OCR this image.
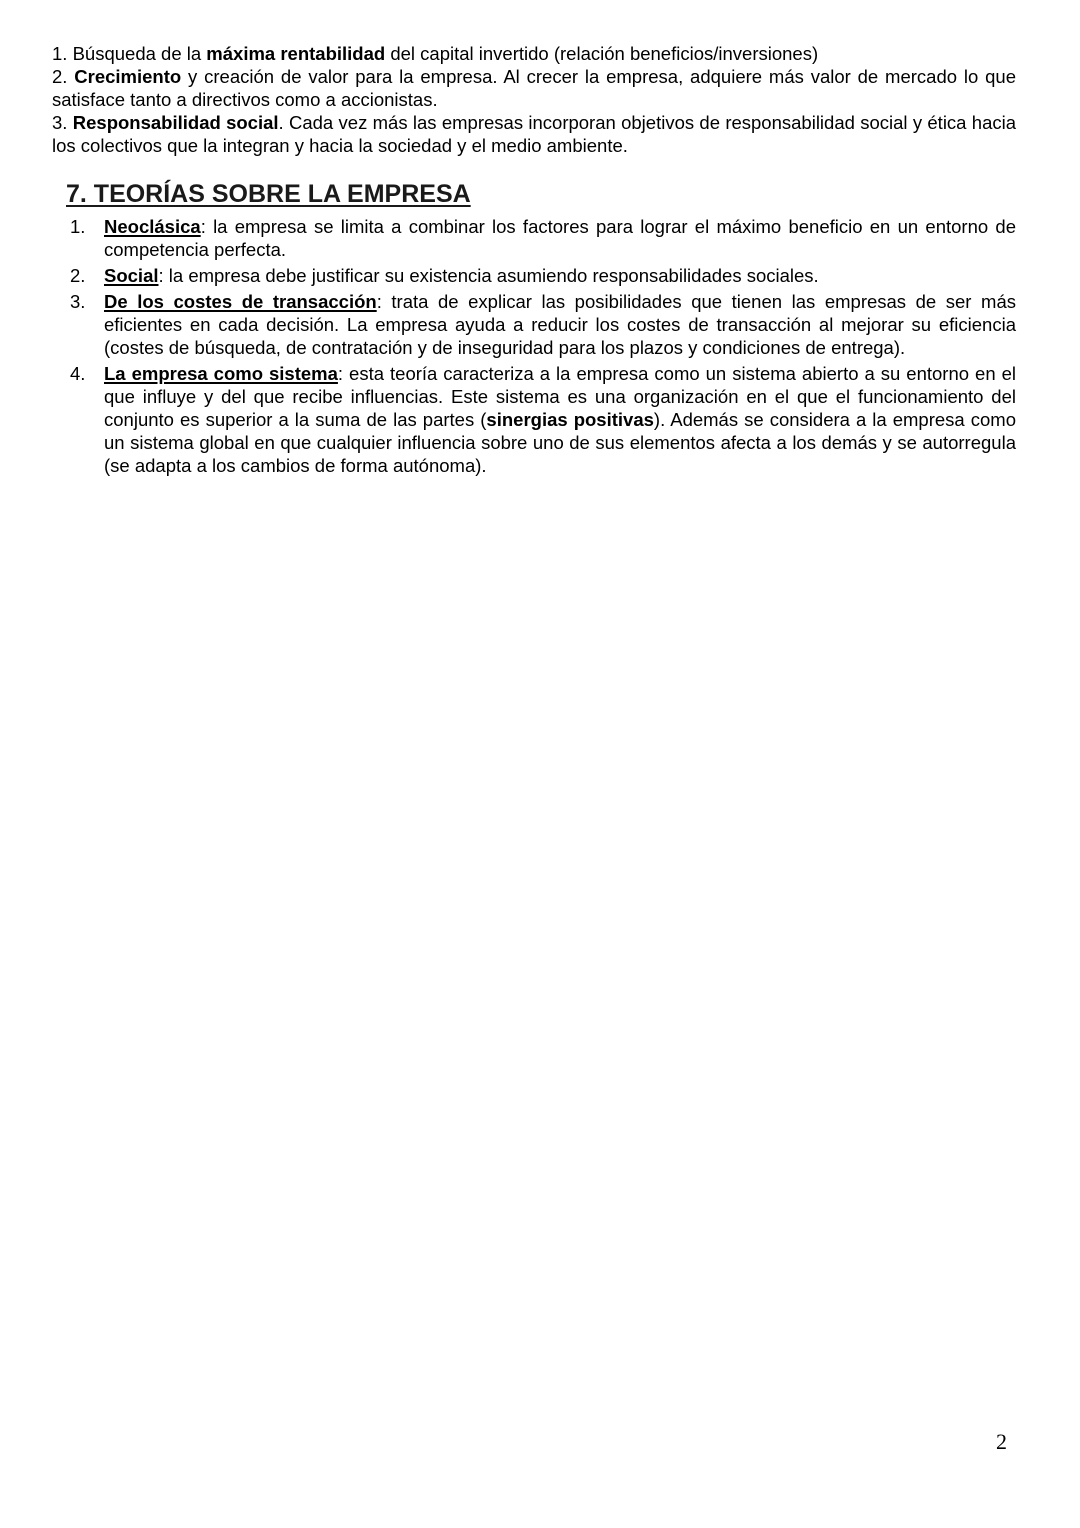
1. Búsqueda de la máxima rentabilidad del capital invertido (relación beneficios/inversiones)

2. Crecimiento y creación de valor para la empresa. Al crecer la empresa, adquiere más valor de mercado lo que satisface tanto a directivos como a accionistas.

3. Responsabilidad social. Cada vez más las empresas incorporan objetivos de responsabilidad social y ética hacia los colectivos que la integran y hacia la sociedad y el medio ambiente.

7. TEORÍAS SOBRE LA EMPRESA
1. Neoclásica: la empresa se limita a combinar los factores para lograr el máximo beneficio en un entorno de competencia perfecta.
2. Social: la empresa debe justificar su existencia asumiendo responsabilidades sociales.
3. De los costes de transacción: trata de explicar las posibilidades que tienen las empresas de ser más eficientes en cada decisión. La empresa ayuda a reducir los costes de transacción al mejorar su eficiencia (costes de búsqueda, de contratación y de inseguridad para los plazos y condiciones de entrega).
4. La empresa como sistema: esta teoría caracteriza a la empresa como un sistema abierto a su entorno en el que influye y del que recibe influencias. Este sistema es una organización en el que el funcionamiento del conjunto es superior a la suma de las partes (sinergias positivas). Además se considera a la empresa como un sistema global en que cualquier influencia sobre uno de sus elementos afecta a los demás y se autorregula (se adapta a los cambios de forma autónoma).
2
